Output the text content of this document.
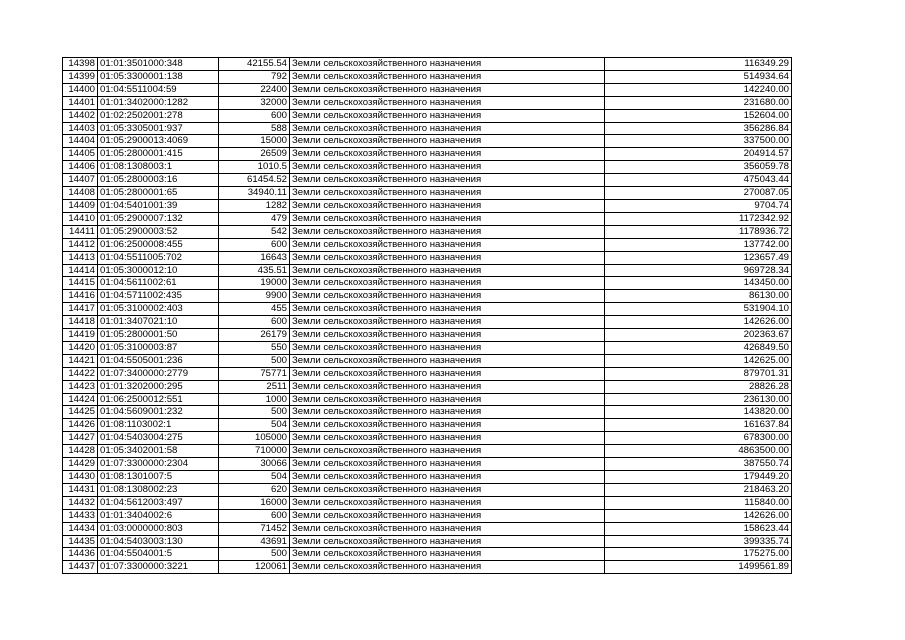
14398	01:01:3501000:348	42155.54	Земли сельскохозяйственного назначения	116349.29
14399	01:05:3300001:138	792	Земли сельскохозяйственного назначения	514934.64
14400	01:04:5511004:59	22400	Земли сельскохозяйственного назначения	142240.00
14401	01:01:3402000:1282	32000	Земли сельскохозяйственного назначения	231680.00
14402	01:02:2502001:278	600	Земли сельскохозяйственного назначения	152604.00
14403	01:05:3305001:937	588	Земли сельскохозяйственного назначения	356286.84
14404	01:05:2900013:4069	15000	Земли сельскохозяйственного назначения	337500.00
14405	01:05:2800001:415	26509	Земли сельскохозяйственного назначения	204914.57
14406	01:08:1308003:1	1010.5	Земли сельскохозяйственного назначения	356059.78
14407	01:05:2800003:16	61454.52	Земли сельскохозяйственного назначения	475043.44
14408	01:05:2800001:65	34940.11	Земли сельскохозяйственного назначения	270087.05
14409	01:04:5401001:39	1282	Земли сельскохозяйственного назначения	9704.74
14410	01:05:2900007:132	479	Земли сельскохозяйственного назначения	1172342.92
14411	01:05:2900003:52	542	Земли сельскохозяйственного назначения	1178936.72
14412	01:06:2500008:455	600	Земли сельскохозяйственного назначения	137742.00
14413	01:04:5511005:702	16643	Земли сельскохозяйственного назначения	123657.49
14414	01:05:3000012:10	435.51	Земли сельскохозяйственного назначения	969728.34
14415	01:04:5611002:61	19000	Земли сельскохозяйственного назначения	143450.00
14416	01:04:5711002:435	9900	Земли сельскохозяйственного назначения	86130.00
14417	01:05:3100002:403	455	Земли сельскохозяйственного назначения	531904.10
14418	01:01:3407021:10	600	Земли сельскохозяйственного назначения	142626.00
14419	01:05:2800001:50	26179	Земли сельскохозяйственного назначения	202363.67
14420	01:05:3100003:87	550	Земли сельскохозяйственного назначения	426849.50
14421	01:04:5505001:236	500	Земли сельскохозяйственного назначения	142625.00
14422	01:07:3400000:2779	75771	Земли сельскохозяйственного назначения	879701.31
14423	01:01:3202000:295	2511	Земли сельскохозяйственного назначения	28826.28
14424	01:06:2500012:551	1000	Земли сельскохозяйственного назначения	236130.00
14425	01:04:5609001:232	500	Земли сельскохозяйственного назначения	143820.00
14426	01:08:1103002:1	504	Земли сельскохозяйственного назначения	161637.84
14427	01:04:5403004:275	105000	Земли сельскохозяйственного назначения	678300.00
14428	01:05:3402001:58	710000	Земли сельскохозяйственного назначения	4863500.00
14429	01:07:3300000:2304	30066	Земли сельскохозяйственного назначения	387550.74
14430	01:08:1301007:5	504	Земли сельскохозяйственного назначения	179449.20
14431	01:08:1308002:23	620	Земли сельскохозяйственного назначения	218463.20
14432	01:04:5612003:497	16000	Земли сельскохозяйственного назначения	115840.00
14433	01:01:3404002:6	600	Земли сельскохозяйственного назначения	142626.00
14434	01:03:0000000:803	71452	Земли сельскохозяйственного назначения	158623.44
14435	01:04:5403003:130	43691	Земли сельскохозяйственного назначения	399335.74
14436	01:04:5504001:5	500	Земли сельскохозяйственного назначения	175275.00
14437	01:07:3300000:3221	120061	Земли сельскохозяйственного назначения	1499561.89
